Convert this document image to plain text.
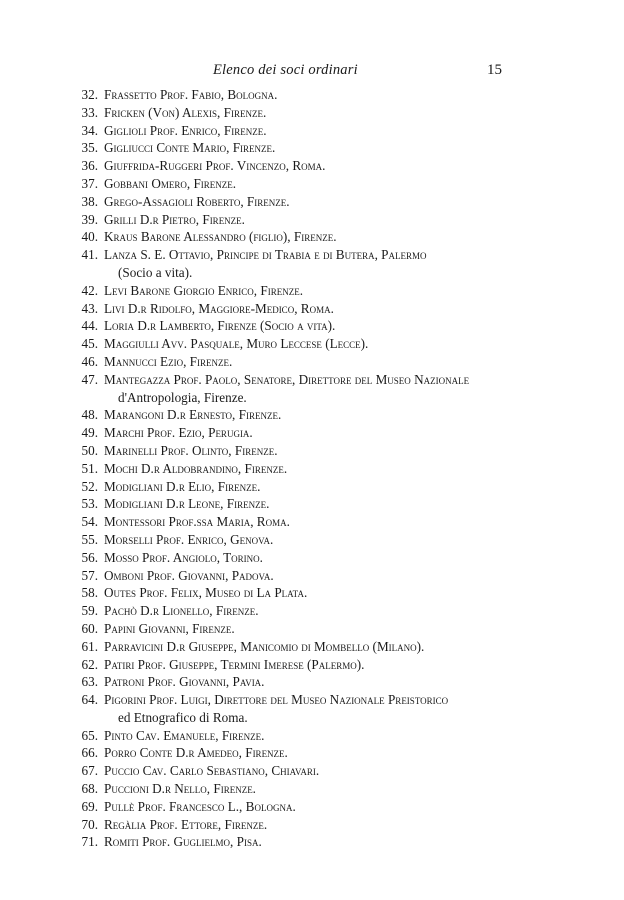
Elenco dei soci ordinari	15
32. Frassetto Prof. Fabio, Bologna.
33. Fricken (Von) Alexis, Firenze.
34. Giglioli Prof. Enrico, Firenze.
35. Gigliucci Conte Mario, Firenze.
36. Giuffrida-Ruggeri Prof. Vincenzo, Roma.
37. Gobbani Omero, Firenze.
38. Grego-Assagioli Roberto, Firenze.
39. Grilli D.r Pietro, Firenze.
40. Kraus Barone Alessandro (figlio), Firenze.
41. Lanza S. E. Ottavio, Principe di Trabia e di Butera, Palermo
(Socio a vita).
42. Levi Barone Giorgio Enrico, Firenze.
43. Livi D.r Ridolfo, Maggiore-Medico, Roma.
44. Loria D.r Lamberto, Firenze (Socio a vita).
45. Maggiulli Avv. Pasquale, Muro Leccese (Lecce).
46. Mannucci Ezio, Firenze.
47. Mantegazza Prof. Paolo, Senatore, Direttore del Museo Nazionale
d'Antropologia, Firenze.
48. Marangoni D.r Ernesto, Firenze.
49. Marchi Prof. Ezio, Perugia.
50. Marinelli Prof. Olinto, Firenze.
51. Mochi D.r Aldobrandino, Firenze.
52. Modigliani D.r Elio, Firenze.
53. Modigliani D.r Leone, Firenze.
54. Montessori Prof.ssa Maria, Roma.
55. Morselli Prof. Enrico, Genova.
56. Mosso Prof. Angiolo, Torino.
57. Omboni Prof. Giovanni, Padova.
58. Outes Prof. Felix, Museo di La Plata.
59. Pachò D.r Lionello, Firenze.
60. Papini Giovanni, Firenze.
61. Parravicini D.r Giuseppe, Manicomio di Mombello (Milano).
62. Patiri Prof. Giuseppe, Termini Imerese (Palermo).
63. Patroni Prof. Giovanni, Pavia.
64. Pigorini Prof. Luigi, Direttore del Museo Nazionale Preistorico
ed Etnografico di Roma.
65. Pinto Cav. Emanuele, Firenze.
66. Porro Conte D.r Amedeo, Firenze.
67. Puccio Cav. Carlo Sebastiano, Chiavari.
68. Puccioni D.r Nello, Firenze.
69. Pullè Prof. Francesco L., Bologna.
70. Regàlia Prof. Ettore, Firenze.
71. Romiti Prof. Guglielmo, Pisa.
